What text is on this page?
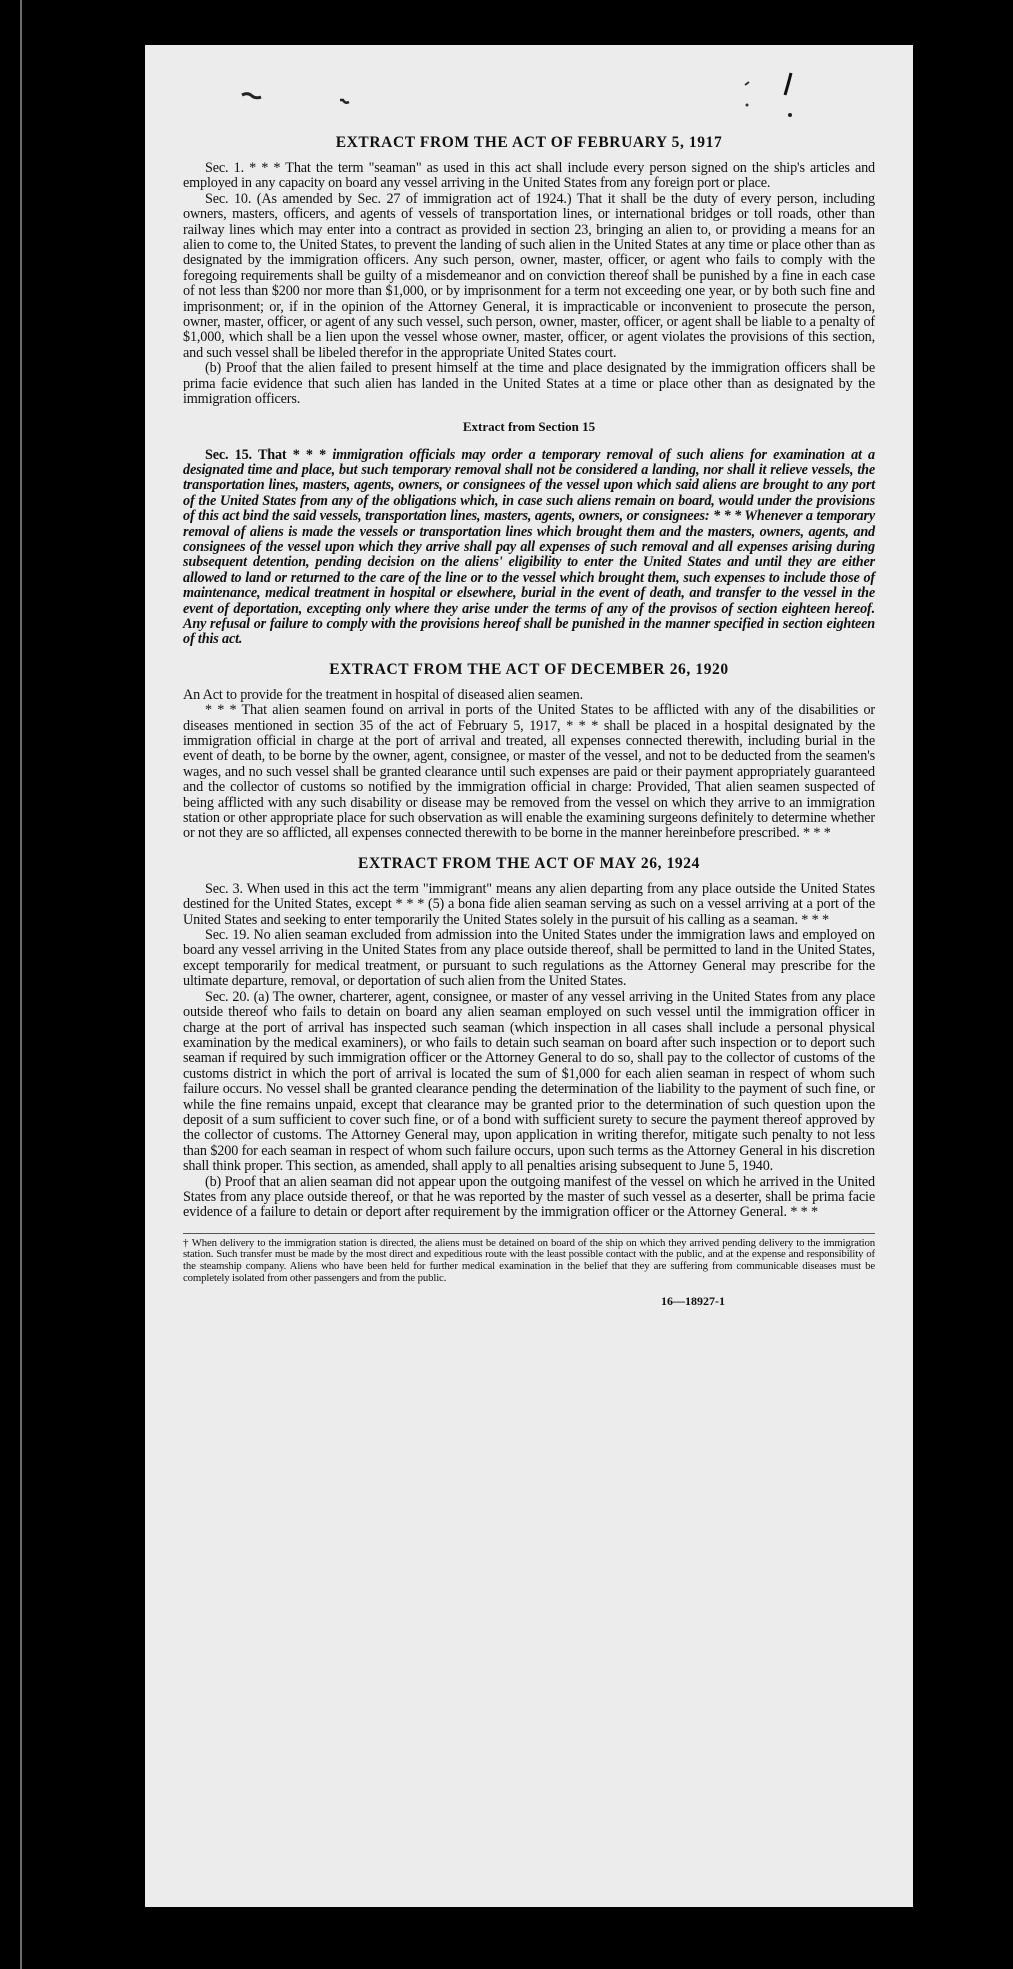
EXTRACT FROM THE ACT OF FEBRUARY 5, 1917

Sec. 1. * * * That the term "seaman" as used in this act shall include every person signed on the ship's articles and employed in any capacity on board any vessel arriving in the United States from any foreign port or place.

Sec. 10. (As amended by Sec. 27 of immigration act of 1924.) That it shall be the duty of every person, including owners, masters, officers, and agents of vessels of transportation lines, or international bridges or toll roads, other than railway lines which may enter into a contract as provided in section 23, bringing an alien to, or providing a means for an alien to come to, the United States, to prevent the landing of such alien in the United States at any time or place other than as designated by the immigration officers. Any such person, owner, master, officer, or agent who fails to comply with the foregoing requirements shall be guilty of a misdemeanor and on conviction thereof shall be punished by a fine in each case of not less than $200 nor more than $1,000, or by imprisonment for a term not exceeding one year, or by both such fine and imprisonment; or, if in the opinion of the Attorney General, it is impracticable or inconvenient to prosecute the person, owner, master, officer, or agent of any such vessel, such person, owner, master, officer, or agent shall be liable to a penalty of $1,000, which shall be a lien upon the vessel whose owner, master, officer, or agent violates the provisions of this section, and such vessel shall be libeled therefor in the appropriate United States court.

(b) Proof that the alien failed to present himself at the time and place designated by the immigration officers shall be prima facie evidence that such alien has landed in the United States at a time or place other than as designated by the immigration officers.

Extract from Section 15

Sec. 15. That * * * immigration officials may order a temporary removal of such aliens for examination at a designated time and place, but such temporary removal shall not be considered a landing, nor shall it relieve vessels, the transportation lines, masters, agents, owners, or consignees of the vessel upon which said aliens are brought to any port of the United States from any of the obligations which, in case such aliens remain on board, would under the provisions of this act bind the said vessels, transportation lines, masters, agents, owners, or consignees: * * * Whenever a temporary removal of aliens is made the vessels or transportation lines which brought them and the masters, owners, agents, and consignees of the vessel upon which they arrive shall pay all expenses of such removal and all expenses arising during subsequent detention, pending decision on the aliens' eligibility to enter the United States and until they are either allowed to land or returned to the care of the line or to the vessel which brought them, such expenses to include those of maintenance, medical treatment in hospital or elsewhere, burial in the event of death, and transfer to the vessel in the event of deportation, excepting only where they arise under the terms of any of the provisos of section eighteen hereof. Any refusal or failure to comply with the provisions hereof shall be punished in the manner specified in section eighteen of this act.

EXTRACT FROM THE ACT OF DECEMBER 26, 1920

An Act to provide for the treatment in hospital of diseased alien seamen.

* * * That alien seamen found on arrival in ports of the United States to be afflicted with any of the disabilities or diseases mentioned in section 35 of the act of February 5, 1917, * * * shall be placed in a hospital designated by the immigration official in charge at the port of arrival and treated, all expenses connected therewith, including burial in the event of death, to be borne by the owner, agent, consignee, or master of the vessel, and not to be deducted from the seamen's wages, and no such vessel shall be granted clearance until such expenses are paid or their payment appropriately guaranteed and the collector of customs so notified by the immigration official in charge: Provided, That alien seamen suspected of being afflicted with any such disability or disease may be removed from the vessel on which they arrive to an immigration station or other appropriate place for such observation as will enable the examining surgeons definitely to determine whether or not they are so afflicted, all expenses connected therewith to be borne in the manner hereinbefore prescribed. * * *

EXTRACT FROM THE ACT OF MAY 26, 1924

Sec. 3. When used in this act the term "immigrant" means any alien departing from any place outside the United States destined for the United States, except * * * (5) a bona fide alien seaman serving as such on a vessel arriving at a port of the United States and seeking to enter temporarily the United States solely in the pursuit of his calling as a seaman. * * *

Sec. 19. No alien seaman excluded from admission into the United States under the immigration laws and employed on board any vessel arriving in the United States from any place outside thereof, shall be permitted to land in the United States, except temporarily for medical treatment, or pursuant to such regulations as the Attorney General may prescribe for the ultimate departure, removal, or deportation of such alien from the United States.

Sec. 20. (a) The owner, charterer, agent, consignee, or master of any vessel arriving in the United States from any place outside thereof who fails to detain on board any alien seaman employed on such vessel until the immigration officer in charge at the port of arrival has inspected such seaman (which inspection in all cases shall include a personal physical examination by the medical examiners), or who fails to detain such seaman on board after such inspection or to deport such seaman if required by such immigration officer or the Attorney General to do so, shall pay to the collector of customs of the customs district in which the port of arrival is located the sum of $1,000 for each alien seaman in respect of whom such failure occurs. No vessel shall be granted clearance pending the determination of the liability to the payment of such fine, or while the fine remains unpaid, except that clearance may be granted prior to the determination of such question upon the deposit of a sum sufficient to cover such fine, or of a bond with sufficient surety to secure the payment thereof approved by the collector of customs. The Attorney General may, upon application in writing therefor, mitigate such penalty to not less than $200 for each seaman in respect of whom such failure occurs, upon such terms as the Attorney General in his discretion shall think proper. This section, as amended, shall apply to all penalties arising subsequent to June 5, 1940.

(b) Proof that an alien seaman did not appear upon the outgoing manifest of the vessel on which he arrived in the United States from any place outside thereof, or that he was reported by the master of such vessel as a deserter, shall be prima facie evidence of a failure to detain or deport after requirement by the immigration officer or the Attorney General. * * *

† When delivery to the immigration station is directed, the aliens must be detained on board of the ship on which they arrived pending delivery to the immigration station. Such transfer must be made by the most direct and expeditious route with the least possible contact with the public, and at the expense and responsibility of the steamship company. Aliens who have been held for further medical examination in the belief that they are suffering from communicable diseases must be completely isolated from other passengers and from the public.

16—18927-1
